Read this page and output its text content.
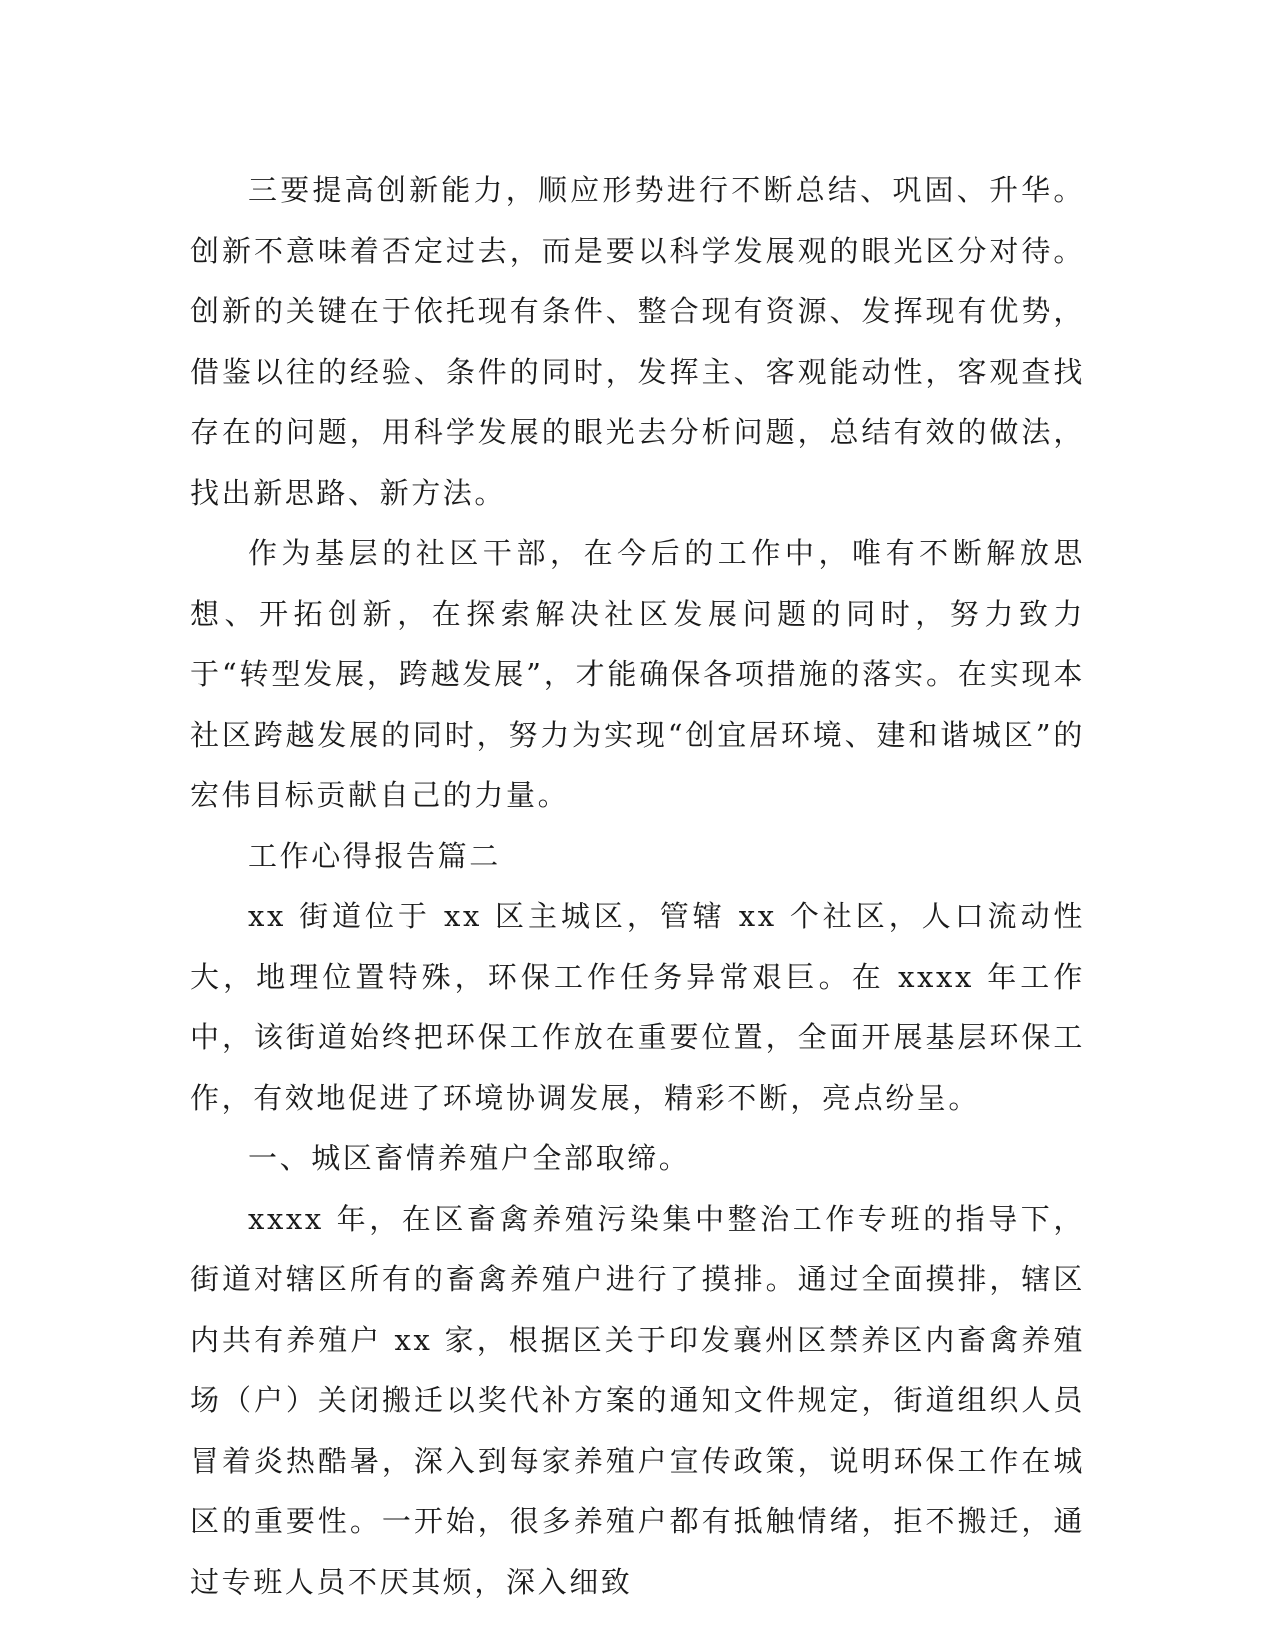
三要提高创新能力，顺应形势进行不断总结、巩固、升华。创新不意味着否定过去，而是要以科学发展观的眼光区分对待。创新的关键在于依托现有条件、整合现有资源、发挥现有优势，借鉴以往的经验、条件的同时，发挥主、客观能动性，客观查找存在的问题，用科学发展的眼光去分析问题，总结有效的做法，找出新思路、新方法。

作为基层的社区干部，在今后的工作中，唯有不断解放思想、开拓创新，在探索解决社区发展问题的同时，努力致力于“转型发展，跨越发展”，才能确保各项措施的落实。在实现本社区跨越发展的同时，努力为实现“创宜居环境、建和谐城区”的宏伟目标贡献自己的力量。

工作心得报告篇二

xx 街道位于 xx 区主城区，管辖 xx 个社区，人口流动性大，地理位置特殊，环保工作任务异常艰巨。在 xxxx 年工作中，该街道始终把环保工作放在重要位置，全面开展基层环保工作，有效地促进了环境协调发展，精彩不断，亮点纷呈。

一、城区畜情养殖户全部取缔。

xxxx 年，在区畜禽养殖污染集中整治工作专班的指导下，街道对辖区所有的畜禽养殖户进行了摸排。通过全面摸排，辖区内共有养殖户 xx 家，根据区关于印发襄州区禁养区内畜禽养殖场（户）关闭搬迁以奖代补方案的通知文件规定，街道组织人员冒着炎热酷暑，深入到每家养殖户宣传政策，说明环保工作在城区的重要性。一开始，很多养殖户都有抵触情绪，拒不搬迁，通过专班人员不厌其烦，深入细致
